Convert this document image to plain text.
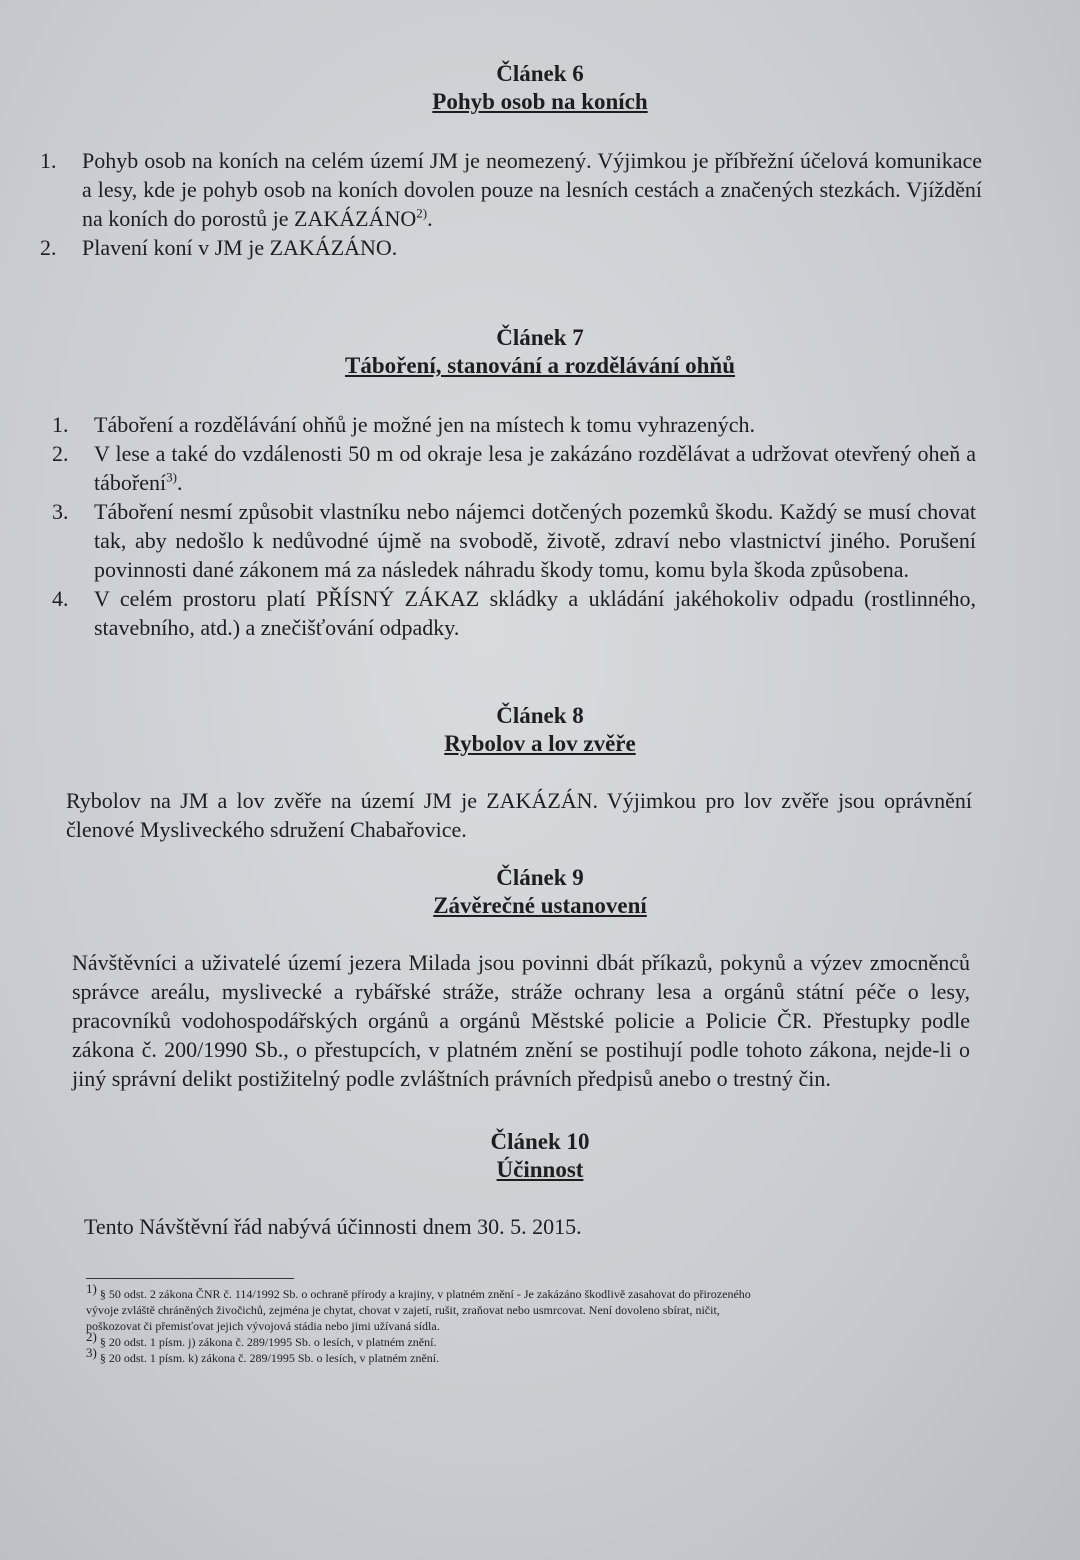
Článek 6
Pohyb osob na koních
1.	Pohyb osob na koních na celém území JM je neomezený. Výjimkou je příbřežní účelová komunikace a lesy, kde je pohyb osob na koních dovolen pouze na lesních cestách a značených stezkách. Vjíždění na koních do porostů je ZAKÁZÁNO$^{2)}$.
2.	Plavení koní v JM je ZAKÁZÁNO.
Článek 7
Táboření, stanování a rozdělávání ohňů
1.	Táboření a rozdělávání ohňů je možné jen na místech k tomu vyhrazených.
2.	V lese a také do vzdálenosti 50 m od okraje lesa je zakázáno rozdělávat a udržovat otevřený oheň a táboření$^{3)}$.
3.	Táboření nesmí způsobit vlastníku nebo nájemci dotčených pozemků škodu. Každý se musí chovat tak, aby nedošlo k nedůvodné újmě na svobodě, životě, zdraví nebo vlastnictví jiného. Porušení povinnosti dané zákonem má za následek náhradu škody tomu, komu byla škoda způsobena.
4.	V celém prostoru platí PŘÍSNÝ ZÁKAZ skládky a ukládání jakéhokoliv odpadu (rostlinného, stavebního, atd.) a znečišťování odpadky.
Článek 8
Rybolov a lov zvěře
Rybolov na JM a lov zvěře na území JM je ZAKÁZÁN. Výjimkou pro lov zvěře jsou oprávnění členové Mysliveckého sdružení Chabařovice.
Článek 9
Závěrečné ustanovení
Návštěvníci a uživatelé území jezera Milada jsou povinni dbát příkazů, pokynů a výzev zmocněnců správce areálu, myslivecké a rybářské stráže, stráže ochrany lesa a orgánů státní péče o lesy, pracovníků vodohospodářských orgánů a orgánů Městské policie a Policie ČR. Přestupky podle zákona č. 200/1990 Sb., o přestupcích, v platném znění se postihují podle tohoto zákona, nejde-li o jiný správní delikt postižitelný podle zvláštních právních předpisů anebo o trestný čin.
Článek 10
Účinnost
Tento Návštěvní řád nabývá účinnosti dnem 30. 5. 2015.
$^{1)}$ § 50 odst. 2 zákona ČNR č. 114/1992 Sb. o ochraně přírody a krajiny, v platném znění - Je zakázáno škodlivě zasahovat do přirozeného
vývoje zvláště chráněných živočichů, zejména je chytat, chovat v zajetí, rušit, zraňovat nebo usmrcovat. Není dovoleno sbírat, ničit,
poškozovat či přemisťovat jejich vývojová stádia nebo jimi užívaná sídla.
$^{2)}$ § 20 odst. 1 písm. j) zákona č. 289/1995 Sb. o lesích, v platném znění.
$^{3)}$ § 20 odst. 1 písm. k) zákona č. 289/1995 Sb. o lesích, v platném znění.
